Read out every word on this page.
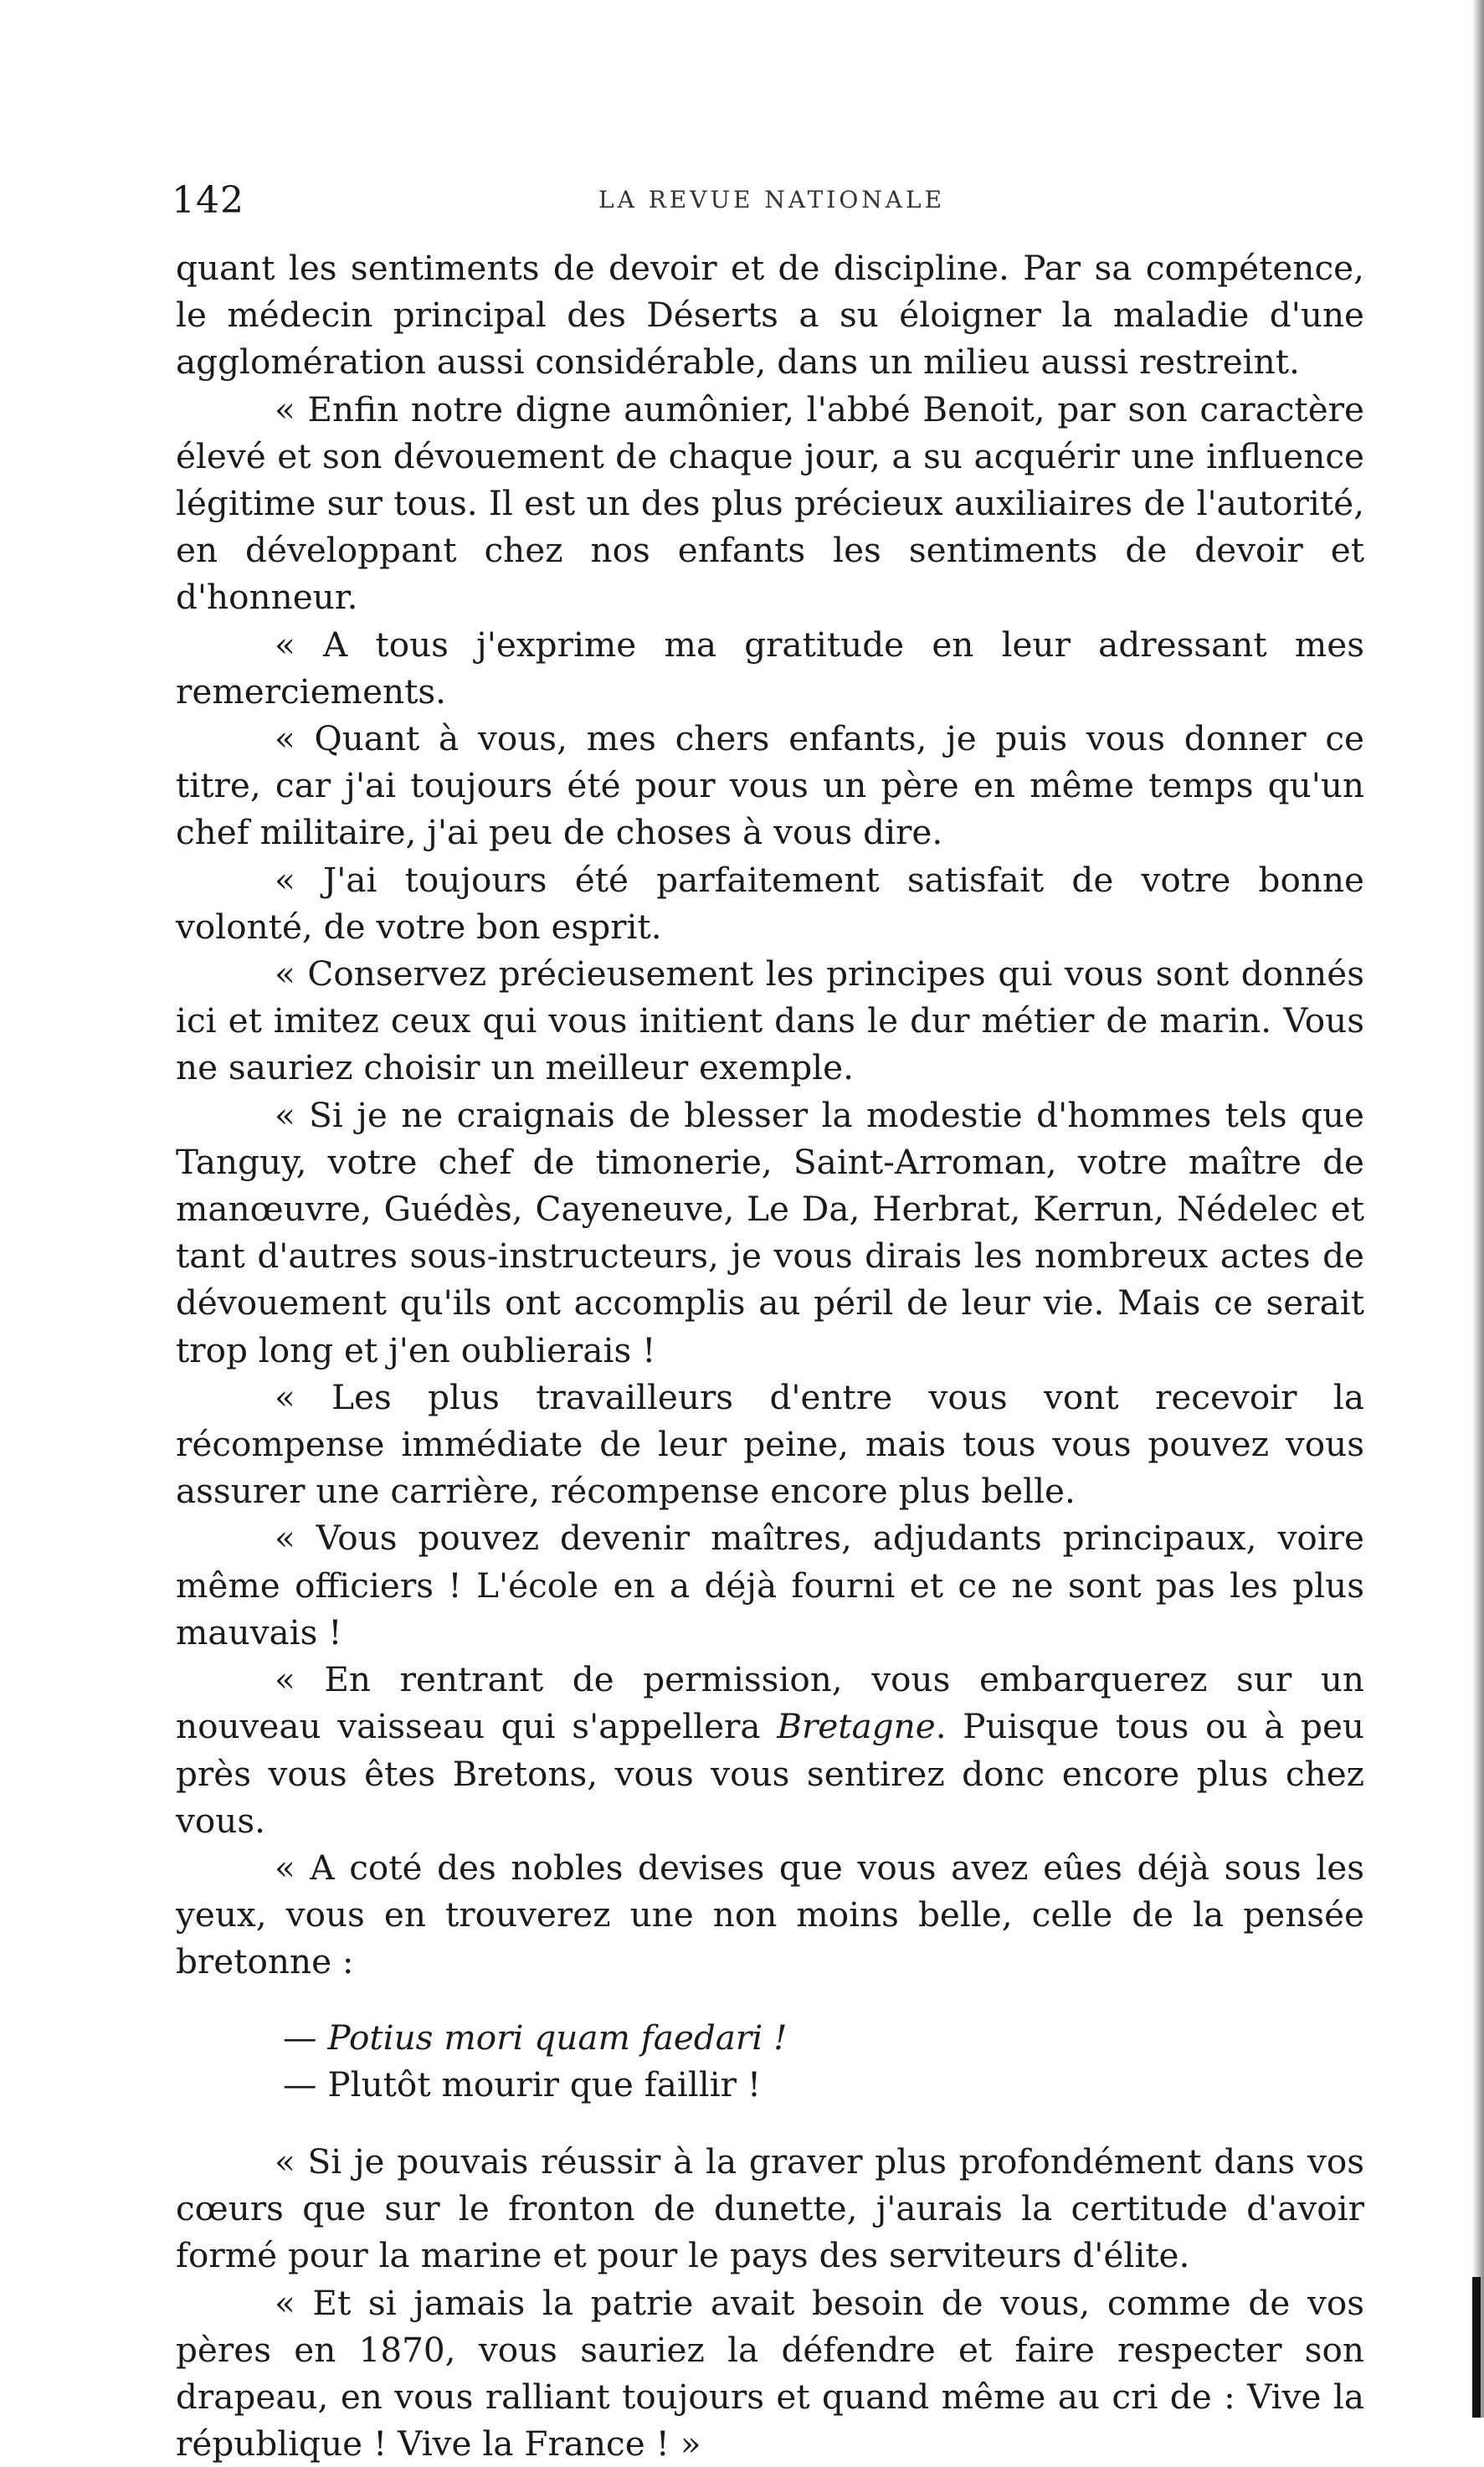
142	LA REVUE NATIONALE

quant les sentiments de devoir et de discipline. Par sa compétence, le médecin principal des Déserts a su éloigner la maladie d'une agglomération aussi considérable, dans un milieu aussi restreint.

« Enfin notre digne aumônier, l'abbé Benoit, par son caractère élevé et son dévouement de chaque jour, a su acquérir une influence légitime sur tous. Il est un des plus précieux auxiliaires de l'autorité, en développant chez nos enfants les sentiments de devoir et d'honneur.

« A tous j'exprime ma gratitude en leur adressant mes remerciements.

« Quant à vous, mes chers enfants, je puis vous donner ce titre, car j'ai toujours été pour vous un père en même temps qu'un chef militaire, j'ai peu de choses à vous dire.

« J'ai toujours été parfaitement satisfait de votre bonne volonté, de votre bon esprit.

« Conservez précieusement les principes qui vous sont donnés ici et imitez ceux qui vous initient dans le dur métier de marin. Vous ne sauriez choisir un meilleur exemple.

« Si je ne craignais de blesser la modestie d'hommes tels que Tanguy, votre chef de timonerie, Saint-Arroman, votre maître de manœuvre, Guédès, Cayeneuve, Le Da, Herbrat, Kerrun, Nédelec et tant d'autres sous-instructeurs, je vous dirais les nombreux actes de dévouement qu'ils ont accomplis au péril de leur vie. Mais ce serait trop long et j'en oublierais !

« Les plus travailleurs d'entre vous vont recevoir la récompense immédiate de leur peine, mais tous vous pouvez vous assurer une carrière, récompense encore plus belle.

« Vous pouvez devenir maîtres, adjudants principaux, voire même officiers ! L'école en a déjà fourni et ce ne sont pas les plus mauvais !

« En rentrant de permission, vous embarquerez sur un nouveau vaisseau qui s'appellera Bretagne. Puisque tous ou à peu près vous êtes Bretons, vous vous sentirez donc encore plus chez vous.

« A coté des nobles devises que vous avez eûes déjà sous les yeux, vous en trouverez une non moins belle, celle de la pensée bretonne :

— Potius mori quam faedari !
— Plutôt mourir que faillir !

« Si je pouvais réussir à la graver plus profondément dans vos cœurs que sur le fronton de dunette, j'aurais la certitude d'avoir formé pour la marine et pour le pays des serviteurs d'élite.

« Et si jamais la patrie avait besoin de vous, comme de vos pères en 1870, vous sauriez la défendre et faire respecter son drapeau, en vous ralliant toujours et quand même au cri de : Vive la république ! Vive la France ! »
